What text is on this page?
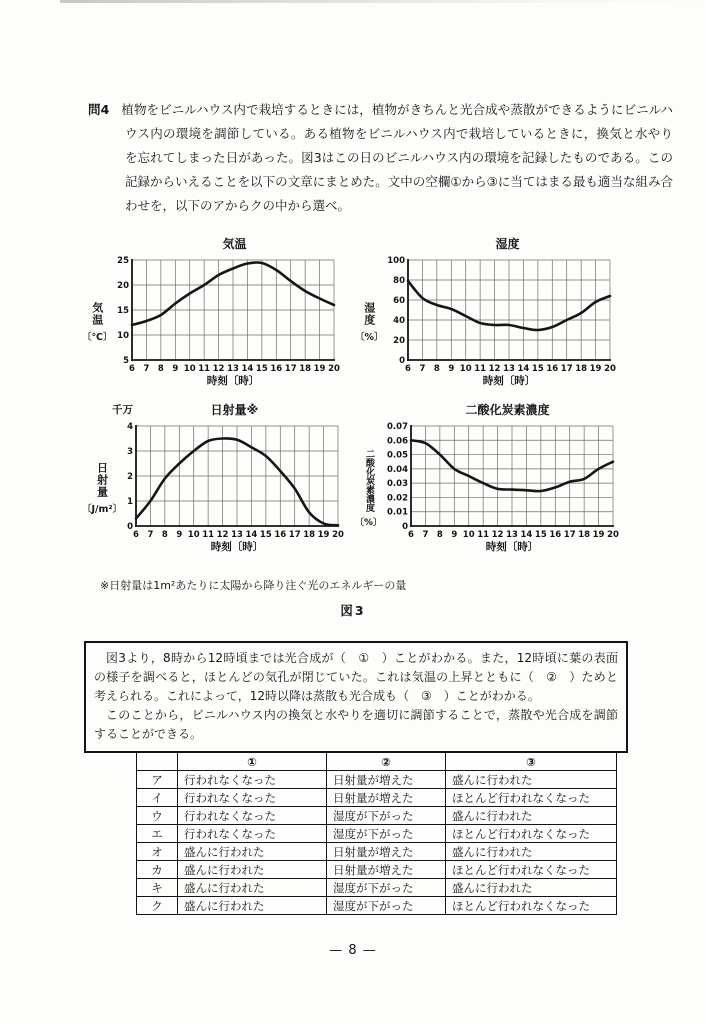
問4 植物をビニルハウス内で栽培するときには，植物がきちんと光合成や蒸散ができるようにビニルハウス内の環境を調節している。ある植物をビニルハウス内で栽培しているときに，換気と水やりを忘れてしまった日があった。図3はこの日のビニルハウス内の環境を記録したものである。この記録からいえることを以下の文章にまとめた。文中の空欄①から③に当てはまる最も適当な組み合わせを，以下のアからクの中から選べ。
気温
気温
〔℃〕
5
10
15
20
25
6 7 8 9 10 11 12 13 14 15 16 17 18 19 20
時刻〔時〕
湿度
湿度
〔%〕
0
20
40
60
80
100
6 7 8 9 10 11 12 13 14 15 16 17 18 19 20
時刻〔時〕
千万	日射量※
日射量
〔J/m²〕
0
1
2
3
4
6 7 8 9 10 11 12 13 14 15 16 17 18 19 20
時刻〔時〕
二酸化炭素濃度
二酸化炭素濃度
〔%〕 0
0.01
0.02
0.03
0.04
0.05
0.06
0.07
6 7 8 9 10 11 12 13 14 15 16 17 18 19 20
時刻〔時〕
※日射量は1m²あたりに太陽から降り注ぐ光のエネルギーの量
図3

図3より，8時から12時頃までは光合成が（　①　）ことがわかる。また，12時頃に葉の表面の様子を調べると，ほとんどの気孔が閉じていた。これは気温の上昇とともに（　②　）ためと考えられる。これによって，12時以降は蒸散も光合成も（　③　）ことがわかる。

このことから，ビニルハウス内の換気と水やりを適切に調節することで，蒸散や光合成を調節することができる。

	①	②	③
ア	行われなくなった	日射量が増えた	盛んに行われた
イ	行われなくなった	日射量が増えた	ほとんど行われなくなった
ウ	行われなくなった	湿度が下がった	盛んに行われた
エ	行われなくなった	湿度が下がった	ほとんど行われなくなった
オ	盛んに行われた	日射量が増えた	盛んに行われた
カ	盛んに行われた	日射量が増えた	ほとんど行われなくなった
キ	盛んに行われた	湿度が下がった	盛んに行われた
ク	盛んに行われた	湿度が下がった	ほとんど行われなくなった
— 8 —
